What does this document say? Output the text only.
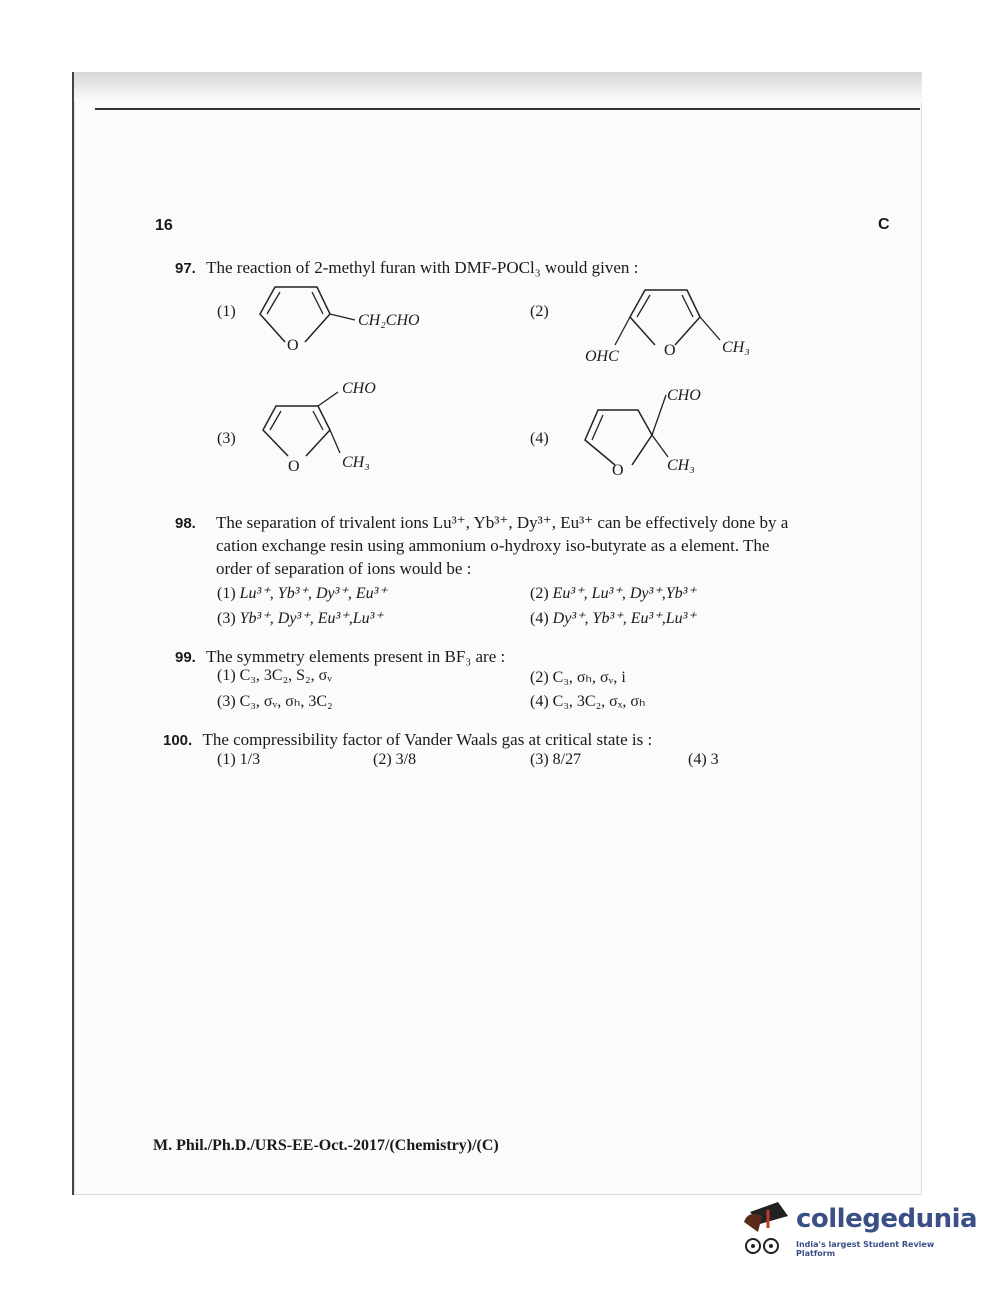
16	C
97. The reaction of 2-methyl furan with DMF-POCl₃ would given :
(1)
O
CH₂CHO
(2)
OHC	O	CH₃
(3)
CHO
O	CH₃
(4)
CHO
O	CH₃
98. The separation of trivalent ions Lu³⁺, Yb³⁺, Dy³⁺, Eu³⁺ can be effectively done by a
cation exchange resin using ammonium o-hydroxy iso-butyrate as a element. The
order of separation of ions would be :
(1) Lu³⁺, Yb³⁺, Dy³⁺, Eu³⁺	(2) Eu³⁺, Lu³⁺, Dy³⁺,Yb³⁺
(3) Yb³⁺, Dy³⁺, Eu³⁺,Lu³⁺	(4) Dy³⁺, Yb³⁺, Eu³⁺,Lu³⁺
99. The symmetry elements present in BF₃ are :
(1) C₃, 3C₂, S₂, σᵥ	(2) C₃, σₕ, σᵥ, i
(3) C₃, σᵥ, σₕ, 3C₂	(4) C₃, 3C₂, σₓ, σₕ
100. The compressibility factor of Vander Waals gas at critical state is :
(1) 1/3	(2) 3/8	(3) 8/27	(4) 3
M. Phil./Ph.D./URS-EE-Oct.-2017/(Chemistry)/(C)
collegedunia
India's largest Student Review Platform
